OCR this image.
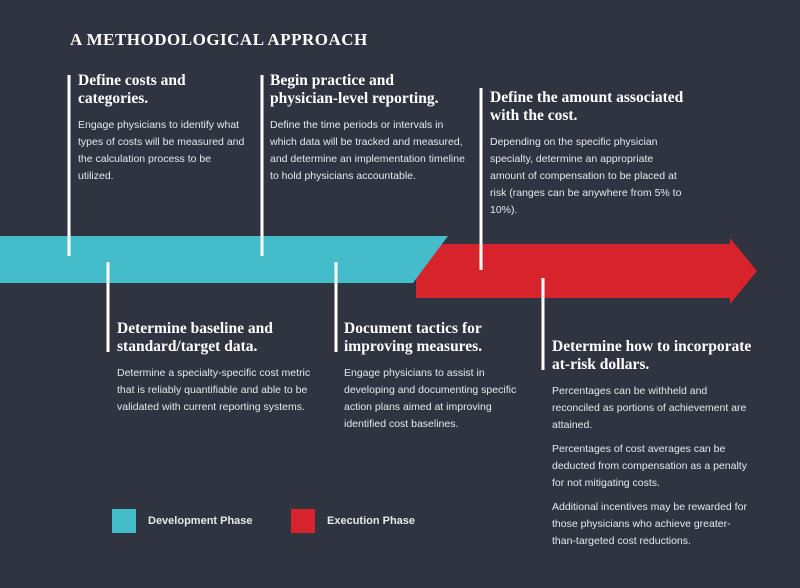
A METHODOLOGICAL APPROACH
Define costs and categories.

Engage physicians to identify what types of costs will be measured and the calculation process to be utilized.

Begin practice and physician-level reporting.

Define the time periods or intervals in which data will be tracked and measured, and determine an implementation timeline to hold physicians accountable.

Define the amount associated with the cost.

Depending on the specific physician specialty, determine an appropriate amount of compensation to be placed at risk (ranges can be anywhere from 5% to 10%).

Determine baseline and standard/target data.

Determine a specialty-specific cost metric that is reliably quantifiable and able to be validated with current reporting systems.

Document tactics for improving measures.

Engage physicians to assist in developing and documenting specific action plans aimed at improving identified cost baselines.

Determine how to incorporate at-risk dollars.

Percentages can be withheld and reconciled as portions of achievement are attained.

Percentages of cost averages can be deducted from compensation as a penalty for not mitigating costs.

Additional incentives may be rewarded for those physicians who achieve greater-than-targeted cost reductions.

Development Phase	Execution Phase
